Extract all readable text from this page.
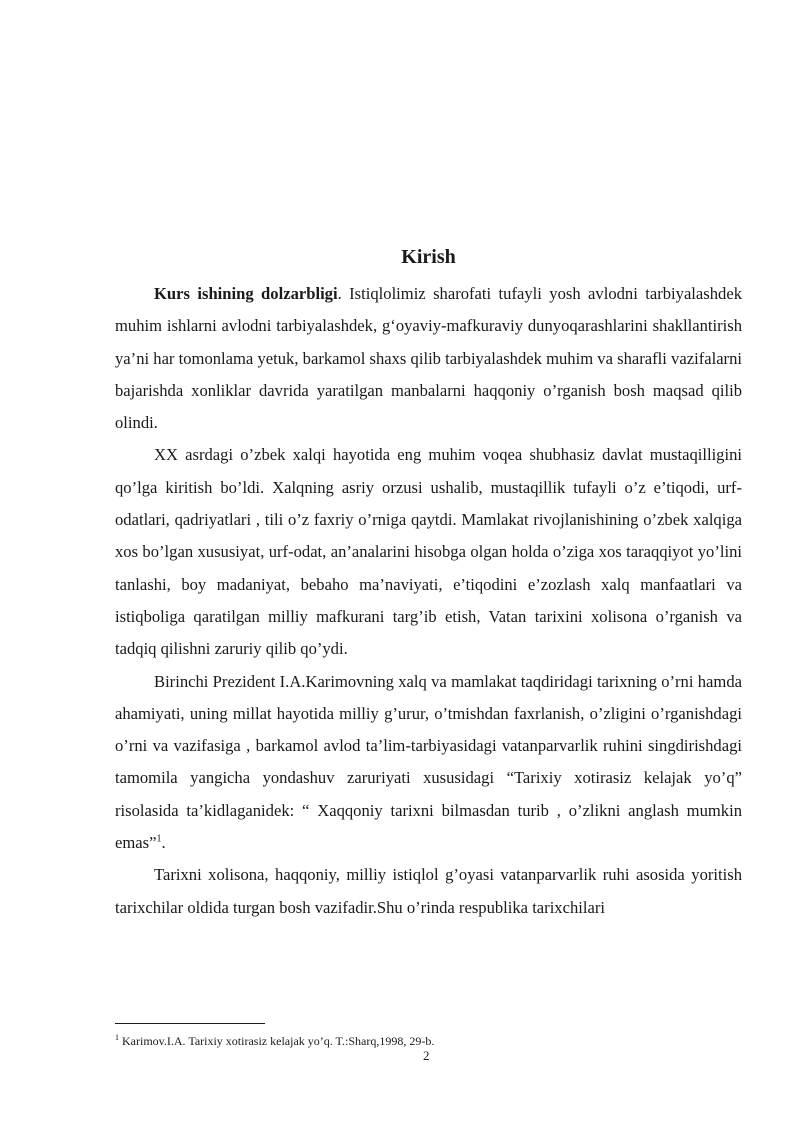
Kirish

Kurs ishining dolzarbligi. Istiqlolimiz sharofati tufayli yosh avlodni tarbiyalashdek muhim ishlarni avlodni tarbiyalashdek, g‘oyaviy-mafkuraviy dunyoqarashlarini shakllantirish ya’ni har tomonlama yetuk, barkamol shaxs qilib tarbiyalashdek muhim va sharafli vazifalarni bajarishda xonliklar davrida yaratilgan manbalarni haqqoniy o’rganish bosh maqsad qilib olindi.

XX asrdagi o’zbek xalqi hayotida eng muhim voqea shubhasiz davlat mustaqilligini qo’lga kiritish bo’ldi. Xalqning asriy orzusi ushalib, mustaqillik tufayli o’z e’tiqodi, urf-odatlari, qadriyatlari , tili o’z faxriy o’rniga qaytdi. Mamlakat rivojlanishining o’zbek xalqiga xos bo’lgan xususiyat, urf-odat, an’analarini hisobga olgan holda o’ziga xos taraqqiyot yo’lini tanlashi, boy madaniyat, bebaho ma’naviyati, e’tiqodini e’zozlash xalq manfaatlari va istiqboliga qaratilgan milliy mafkurani targ’ib etish, Vatan tarixini xolisona o’rganish va tadqiq qilishni zaruriy qilib qo’ydi.

Birinchi Prezident I.A.Karimovning xalq va mamlakat taqdiridagi tarixning o’rni hamda ahamiyati, uning millat hayotida milliy g’urur, o’tmishdan faxrlanish, o’zligini o’rganishdagi o’rni va vazifasiga , barkamol avlod ta’lim-tarbiyasidagi vatanparvarlik ruhini singdirishdagi tamomila yangicha yondashuv zaruriyati xususidagi “Tarixiy xotirasiz kelajak yo’q” risolasida ta’kidlaganidek: “ Xaqqoniy tarixni bilmasdan turib , o’zlikni anglash mumkin emas”$^1$.

Tarixni xolisona, haqqoniy, milliy istiqlol g’oyasi vatanparvarlik ruhi asosida yoritish tarixchilar oldida turgan bosh vazifadir.Shu o’rinda respublika tarixchilari

$^1$ Karimov.I.A. Tarixiy xotirasiz kelajak yo’q. T.:Sharq,1998, 29-b.
2
